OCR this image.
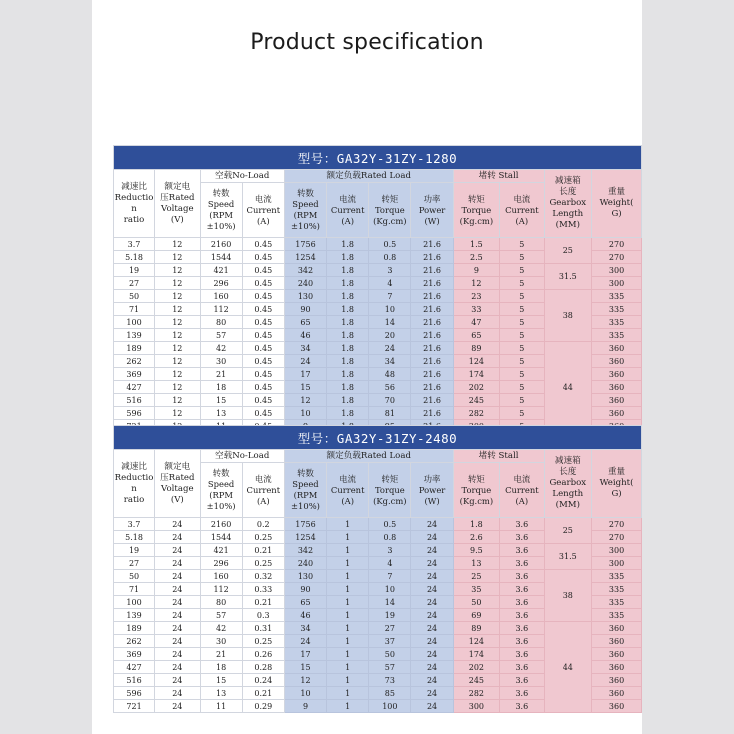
Product specification
型号：GA32Y-31ZY-1280											

减速比
Reductio
n
ratio	额定电
压Rated
Voltage
(V)	空载No-Load		额定负载Rated Load				堵转 Stall		减速箱
长度
Gearbox
Length
(MM)	重量
Weight(
G)

		转数
Speed
(RPM
±10%)	电流
Current
(A)	转数
Speed
(RPM
±10%)	电流
Current
(A)	转矩
Torque
(Kg.cm)	功率
Power
(W)	转矩
Torque
(Kg.cm)	电流
Current
(A)		

3.7	12	2160	0.45	1756	1.8	0.5	21.6	1.5	5	25	270
5.18	12	1544	0.45	1254	1.8	0.8	21.6	2.5	5		270
19	12	421	0.45	342	1.8	3	21.6	9	5	31.5	300
27	12	296	0.45	240	1.8	4	21.6	12	5		300
50	12	160	0.45	130	1.8	7	21.6	23	5	38	335
71	12	112	0.45	90	1.8	10	21.6	33	5		335
100	12	80	0.45	65	1.8	14	21.6	47	5		335
139	12	57	0.45	46	1.8	20	21.6	65	5		335
189	12	42	0.45	34	1.8	24	21.6	89	5	44	360
262	12	30	0.45	24	1.8	34	21.6	124	5		360
369	12	21	0.45	17	1.8	48	21.6	174	5		360
427	12	18	0.45	15	1.8	56	21.6	202	5		360
516	12	15	0.45	12	1.8	70	21.6	245	5		360
596	12	13	0.45	10	1.8	81	21.6	282	5		360

型号：GA32Y-31ZY-2480											

减速比
Reductio
n
ratio	额定电
压Rated
Voltage
(V)	空载No-Load		额定负载Rated Load				堵转 Stall		减速箱
长度
Gearbox
Length
(MM)	重量
Weight(
G)

		转数
Speed
(RPM
±10%)	电流
Current
(A)	转数
Speed
(RPM
±10%)	电流
Current
(A)	转矩
Torque
(Kg.cm)	功率
Power
(W)	转矩
Torque
(Kg.cm)	电流
Current
(A)		

3.7	24	2160	0.2	1756	1	0.5	24	1.8	3.6	25	270
5.18	24	1544	0.25	1254	1	0.8	24	2.6	3.6		270
19	24	421	0.21	342	1	3	24	9.5	3.6	31.5	300
27	24	296	0.25	240	1	4	24	13	3.6		300
50	24	160	0.32	130	1	7	24	25	3.6	38	335
71	24	112	0.33	90	1	10	24	35	3.6		335
100	24	80	0.21	65	1	14	24	50	3.6		335
139	24	57	0.3	46	1	19	24	69	3.6		335
189	24	42	0.31	34	1	27	24	89	3.6	44	360
262	24	30	0.25	24	1	37	24	124	3.6		360
369	24	21	0.26	17	1	50	24	174	3.6		360
427	24	18	0.28	15	1	57	24	202	3.6		360
516	24	15	0.24	12	1	73	24	245	3.6		360
596	24	13	0.21	10	1	85	24	282	3.6		360
721	24	11	0.29	9	1	100	24	300	3.6		360
